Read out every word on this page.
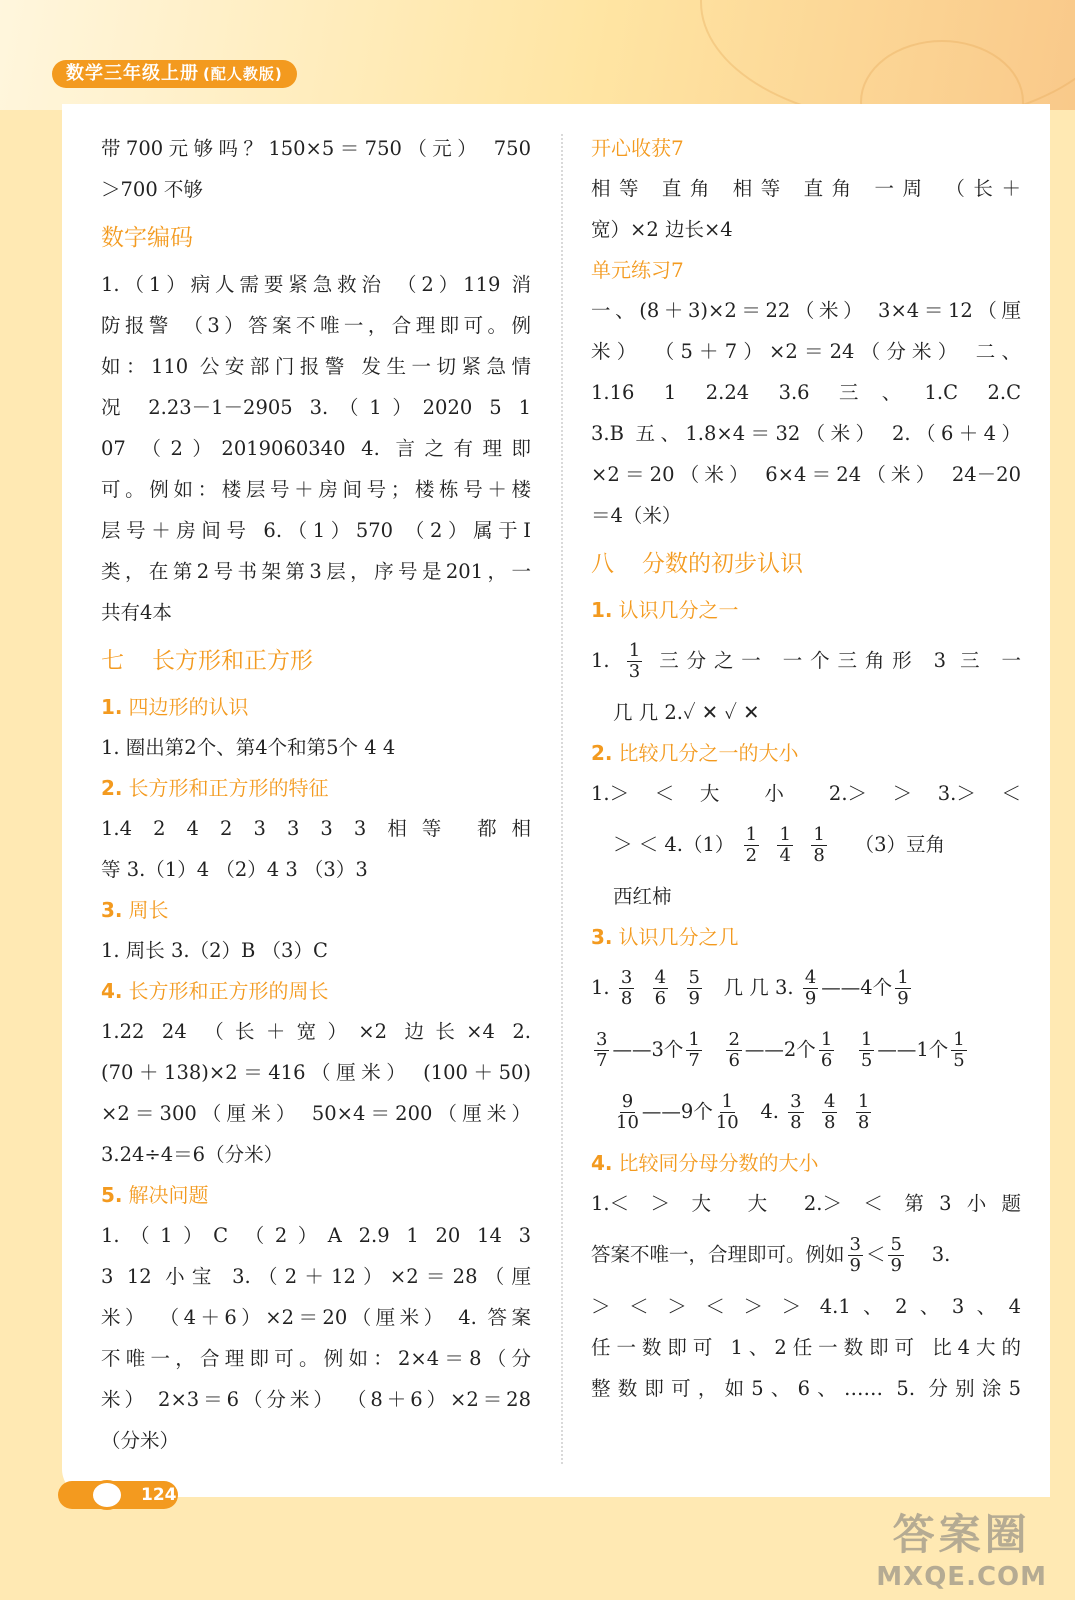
数学三年级上册 (配人教版)

带700元够吗？150×5＝750（元） 750

＞700 不够

数字编码

1.（1）病人需要紧急救治 （2）119 消

防报警 （3）答案不唯一，合理即可。例

如：110 公安部门报警 发生一切紧急情

况 2.23－1－2905 3.（1）2020 5 1

07 （2）2019060340 4. 言之有理即

可。例如：楼层号＋房间号；楼栋号＋楼

层号＋房间号 6.（1）570 （2）属于Ⅰ

类，在第2号书架第3层，序号是201，一

共有4本

七 长方形和正方形
1. 四边形的认识

1. 圈出第2个、第4个和第5个 4 4

2. 长方形和正方形的特征

1.4 2 4 2 3 3 3 3 相等 都相

等 3.（1）4 （2）4 3 （3）3

3. 周长

1. 周长 3.（2）B （3）C

4. 长方形和正方形的周长

1.22 24 （长＋宽）×2 边长×4 2.

(70＋138)×2＝416（厘米） (100＋50)

×2＝300（厘米） 50×4＝200（厘米）

3.24÷4＝6（分米）

5. 解决问题

1.（1）C （2）A 2.9 1 20 14 3

3 12 小宝 3.（2＋12）×2＝28（厘

米） （4＋6）×2＝20（厘米） 4. 答案

不唯一，合理即可。例如：2×4＝8（分

米） 2×3＝6（分米） （8＋6）×2＝28

（分米）

开心收获7

相等 直角 相等 直角 一周 （长＋

宽）×2 边长×4

单元练习7

一、(8＋3)×2＝22（米） 3×4＝12（厘

米） （5＋7）×2＝24（分米） 二、

1.16 1 2.24 3.6 三、1.C 2.C

3.B 五、1.8×4＝32（米） 2.（6＋4）

×2＝20（米） 6×4＝24（米） 24－20

＝4（米）

八 分数的初步认识
1. 认识几分之一

1. $\frac{1}{3}$ 三分之一 一个三角形 3 三 一

几 几 2.✓ ✕ ✓ ✕

2. 比较几分之一的大小

1.＞ ＜ 大 小 2.＞ ＞ 3.＞ ＜

＞ ＜ $4.(1) \frac{1}{2}$
$\frac{1}{4}$
$\frac{1}{8} (3)$豆角

西红柿

3. 认识几分之几

1. $\frac{3}{8}$
$\frac{4}{6}$
$\frac{5}{9}$ 几 几 3. $\frac{4}{9}$ ——4个 $\frac{1}{9}$

$\frac{3}{7}$ ——3个 $\frac{1}{7}$
$\frac{2}{6}$ ——2个 $\frac{1}{6}$
$\frac{1}{5}$ ——1个 $\frac{1}{5}$

$\frac{9}{10}$ ——9个 $\frac{1}{10} 4$. $\frac{3}{8}$
$\frac{4}{8}$
$\frac{1}{8}$

4. 比较同分母分数的大小

1.＜ ＞ 大 大 2.＞ ＜ 第3小题

答案不唯一，合理即可。例如 $\frac{3}{9} < \frac{5}{9} 3$.

＞ ＜ ＞ ＜ ＞ ＞ 4.1、2、3、4

任一数即可 1、2任一数即可 比4大的

整数即可，如5、6、…… 5. 分别涂5

124
答案圈
MXQE.COM
